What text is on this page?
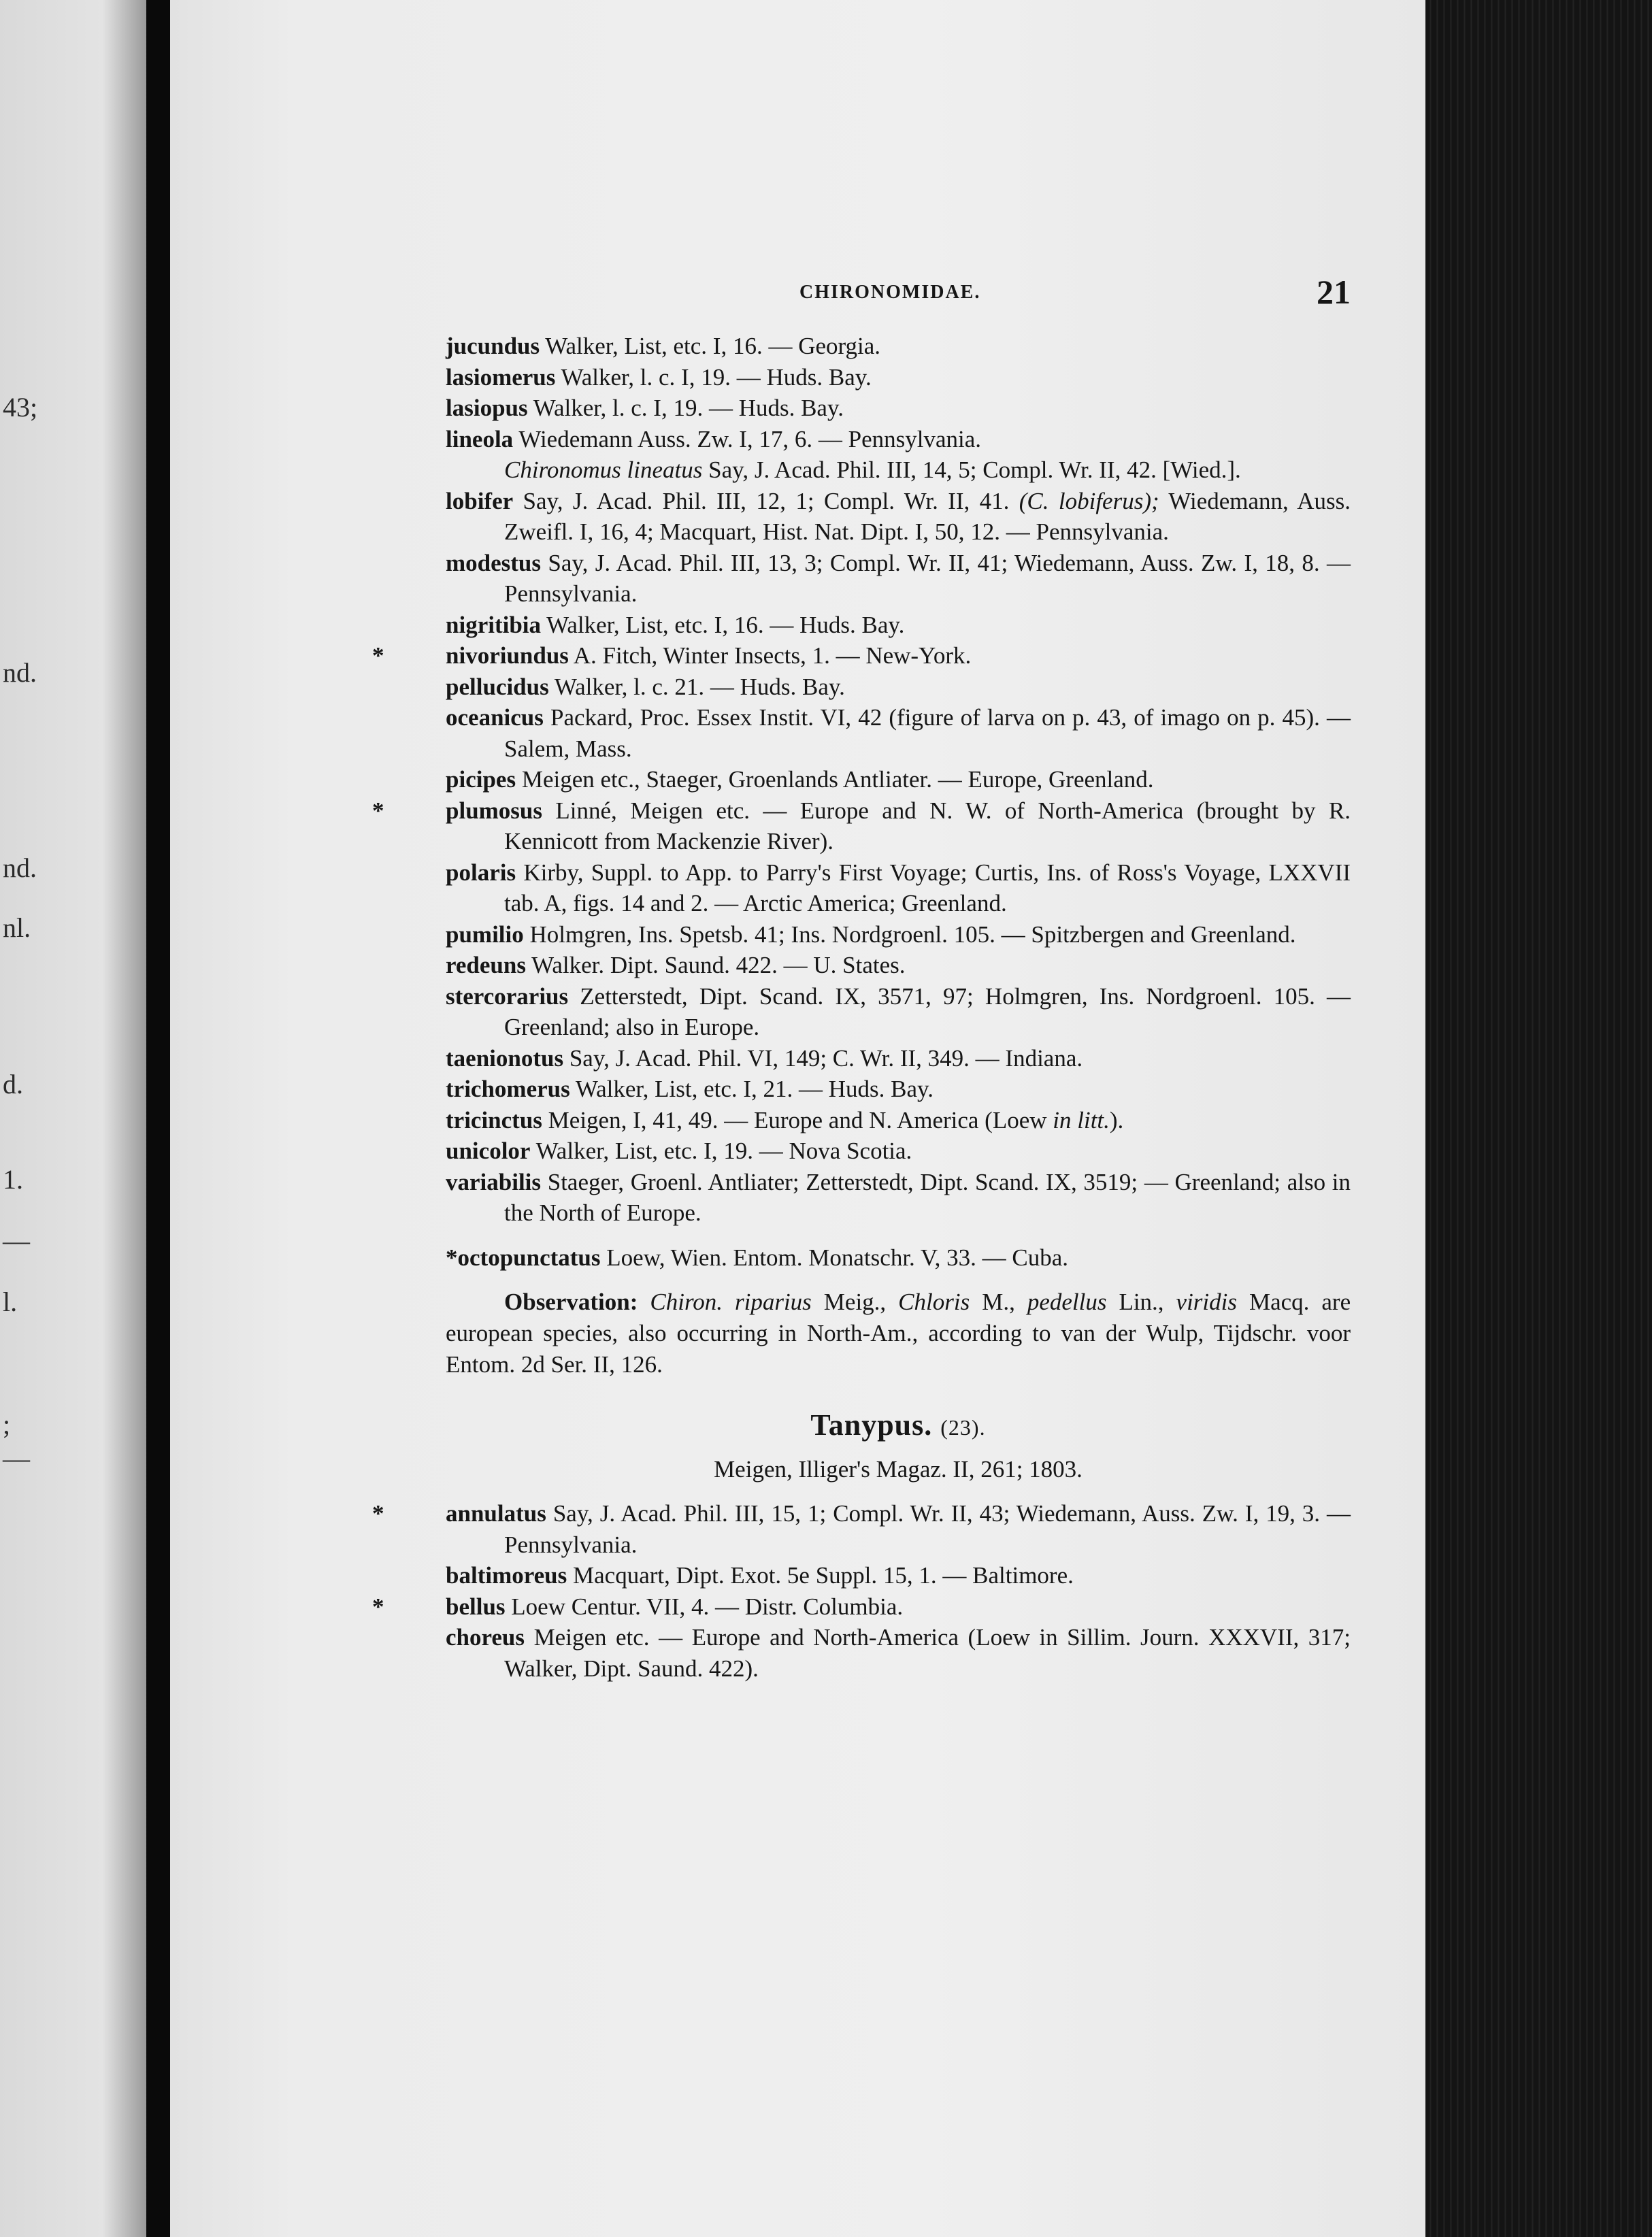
43;
nd.
nd.
nl.
d.
1.
—
l.
;
—
CHIRONOMIDAE.	21

jucundus Walker, List, etc. I, 16. — Georgia.

lasiomerus Walker, l. c. I, 19. — Huds. Bay.

lasiopus Walker, l. c. I, 19. — Huds. Bay.

lineola Wiedemann Auss. Zw. I, 17, 6. — Pennsylvania.

Chironomus lineatus Say, J. Acad. Phil. III, 14, 5; Compl. Wr. II, 42. [Wied.].

lobifer Say, J. Acad. Phil. III, 12, 1; Compl. Wr. II, 41. (C. lobiferus); Wiedemann, Auss. Zweifl. I, 16, 4; Macquart, Hist. Nat. Dipt. I, 50, 12. — Pennsylvania.

modestus Say, J. Acad. Phil. III, 13, 3; Compl. Wr. II, 41; Wiedemann, Auss. Zw. I, 18, 8. — Pennsylvania.

nigritibia Walker, List, etc. I, 16. — Huds. Bay.

*	nivoriundus A. Fitch, Winter Insects, 1. — New-York.

pellucidus Walker, l. c. 21. — Huds. Bay.

oceanicus Packard, Proc. Essex Instit. VI, 42 (figure of larva on p. 43, of imago on p. 45). — Salem, Mass.

picipes Meigen etc., Staeger, Groenlands Antliater. — Europe, Greenland.

*	plumosus Linné, Meigen etc. — Europe and N. W. of North-America (brought by R. Kennicott from Mackenzie River).

polaris Kirby, Suppl. to App. to Parry's First Voyage; Curtis, Ins. of Ross's Voyage, LXXVII tab. A, figs. 14 and 2. — Arctic America; Greenland.

pumilio Holmgren, Ins. Spetsb. 41; Ins. Nordgroenl. 105. — Spitzbergen and Greenland.

redeuns Walker. Dipt. Saund. 422. — U. States.

stercorarius Zetterstedt, Dipt. Scand. IX, 3571, 97; Holmgren, Ins. Nordgroenl. 105. — Greenland; also in Europe.

taenionotus Say, J. Acad. Phil. VI, 149; C. Wr. II, 349. — Indiana.

trichomerus Walker, List, etc. I, 21. — Huds. Bay.

tricinctus Meigen, I, 41, 49. — Europe and N. America (Loew in litt.).

unicolor Walker, List, etc. I, 19. — Nova Scotia.

variabilis Staeger, Groenl. Antliater; Zetterstedt, Dipt. Scand. IX, 3519; — Greenland; also in the North of Europe.

*octopunctatus Loew, Wien. Entom. Monatschr. V, 33. — Cuba.

Observation: Chiron. riparius Meig., Chloris M., pedellus Lin., viridis Macq. are european species, also occurring in North-Am., according to van der Wulp, Tijdschr. voor Entom. 2d Ser. II, 126.

Tanypus. (23).
Meigen, Illiger's Magaz. II, 261; 1803.

*	annulatus Say, J. Acad. Phil. III, 15, 1; Compl. Wr. II, 43; Wiedemann, Auss. Zw. I, 19, 3. — Pennsylvania.

baltimoreus Macquart, Dipt. Exot. 5e Suppl. 15, 1. — Baltimore.

*	bellus Loew Centur. VII, 4. — Distr. Columbia.

choreus Meigen etc. — Europe and North-America (Loew in Sillim. Journ. XXXVII, 317; Walker, Dipt. Saund. 422).
